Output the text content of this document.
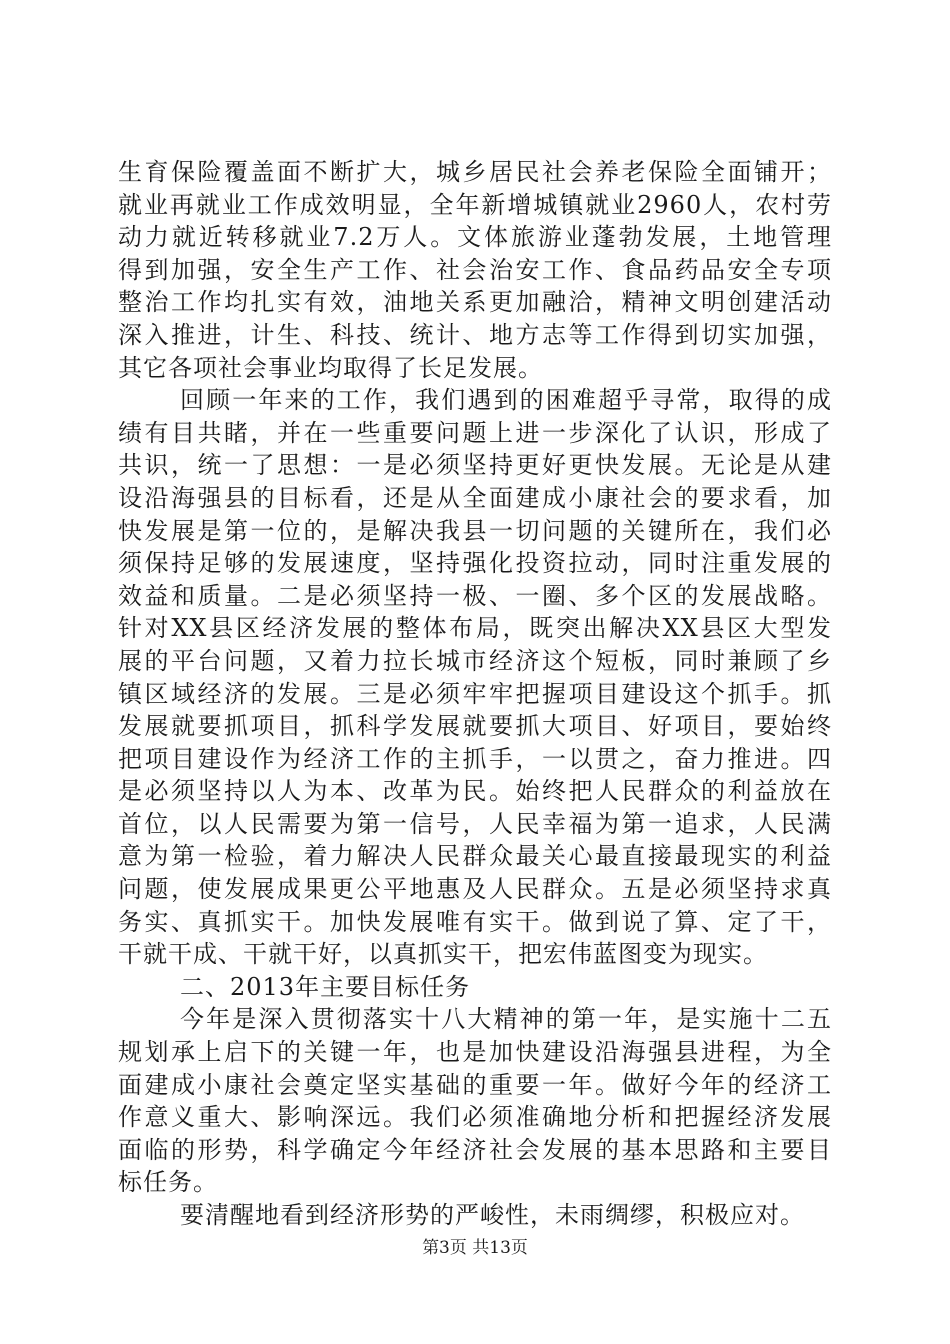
生育保险覆盖面不断扩大，城乡居民社会养老保险全面铺开；
就业再就业工作成效明显，全年新增城镇就业2960人，农村劳
动力就近转移就业7.2万人。文体旅游业蓬勃发展，土地管理
得到加强，安全生产工作、社会治安工作、食品药品安全专项
整治工作均扎实有效，油地关系更加融洽，精神文明创建活动
深入推进，计生、科技、统计、地方志等工作得到切实加强，
其它各项社会事业均取得了长足发展。
回顾一年来的工作，我们遇到的困难超乎寻常，取得的成
绩有目共睹，并在一些重要问题上进一步深化了认识，形成了
共识，统一了思想：一是必须坚持更好更快发展。无论是从建
设沿海强县的目标看，还是从全面建成小康社会的要求看，加
快发展是第一位的，是解决我县一切问题的关键所在，我们必
须保持足够的发展速度，坚持强化投资拉动，同时注重发展的
效益和质量。二是必须坚持一极、一圈、多个区的发展战略。
针对XX县区经济发展的整体布局，既突出解决XX县区大型发
展的平台问题，又着力拉长城市经济这个短板，同时兼顾了乡
镇区域经济的发展。三是必须牢牢把握项目建设这个抓手。抓
发展就要抓项目，抓科学发展就要抓大项目、好项目，要始终
把项目建设作为经济工作的主抓手，一以贯之，奋力推进。四
是必须坚持以人为本、改革为民。始终把人民群众的利益放在
首位，以人民需要为第一信号，人民幸福为第一追求，人民满
意为第一检验，着力解决人民群众最关心最直接最现实的利益
问题，使发展成果更公平地惠及人民群众。五是必须坚持求真
务实、真抓实干。加快发展唯有实干。做到说了算、定了干，
干就干成、干就干好，以真抓实干，把宏伟蓝图变为现实。
二、2013年主要目标任务
今年是深入贯彻落实十八大精神的第一年，是实施十二五
规划承上启下的关键一年，也是加快建设沿海强县进程，为全
面建成小康社会奠定坚实基础的重要一年。做好今年的经济工
作意义重大、影响深远。我们必须准确地分析和把握经济发展
面临的形势，科学确定今年经济社会发展的基本思路和主要目
标任务。
要清醒地看到经济形势的严峻性，未雨绸缪，积极应对。
第3页 共13页
